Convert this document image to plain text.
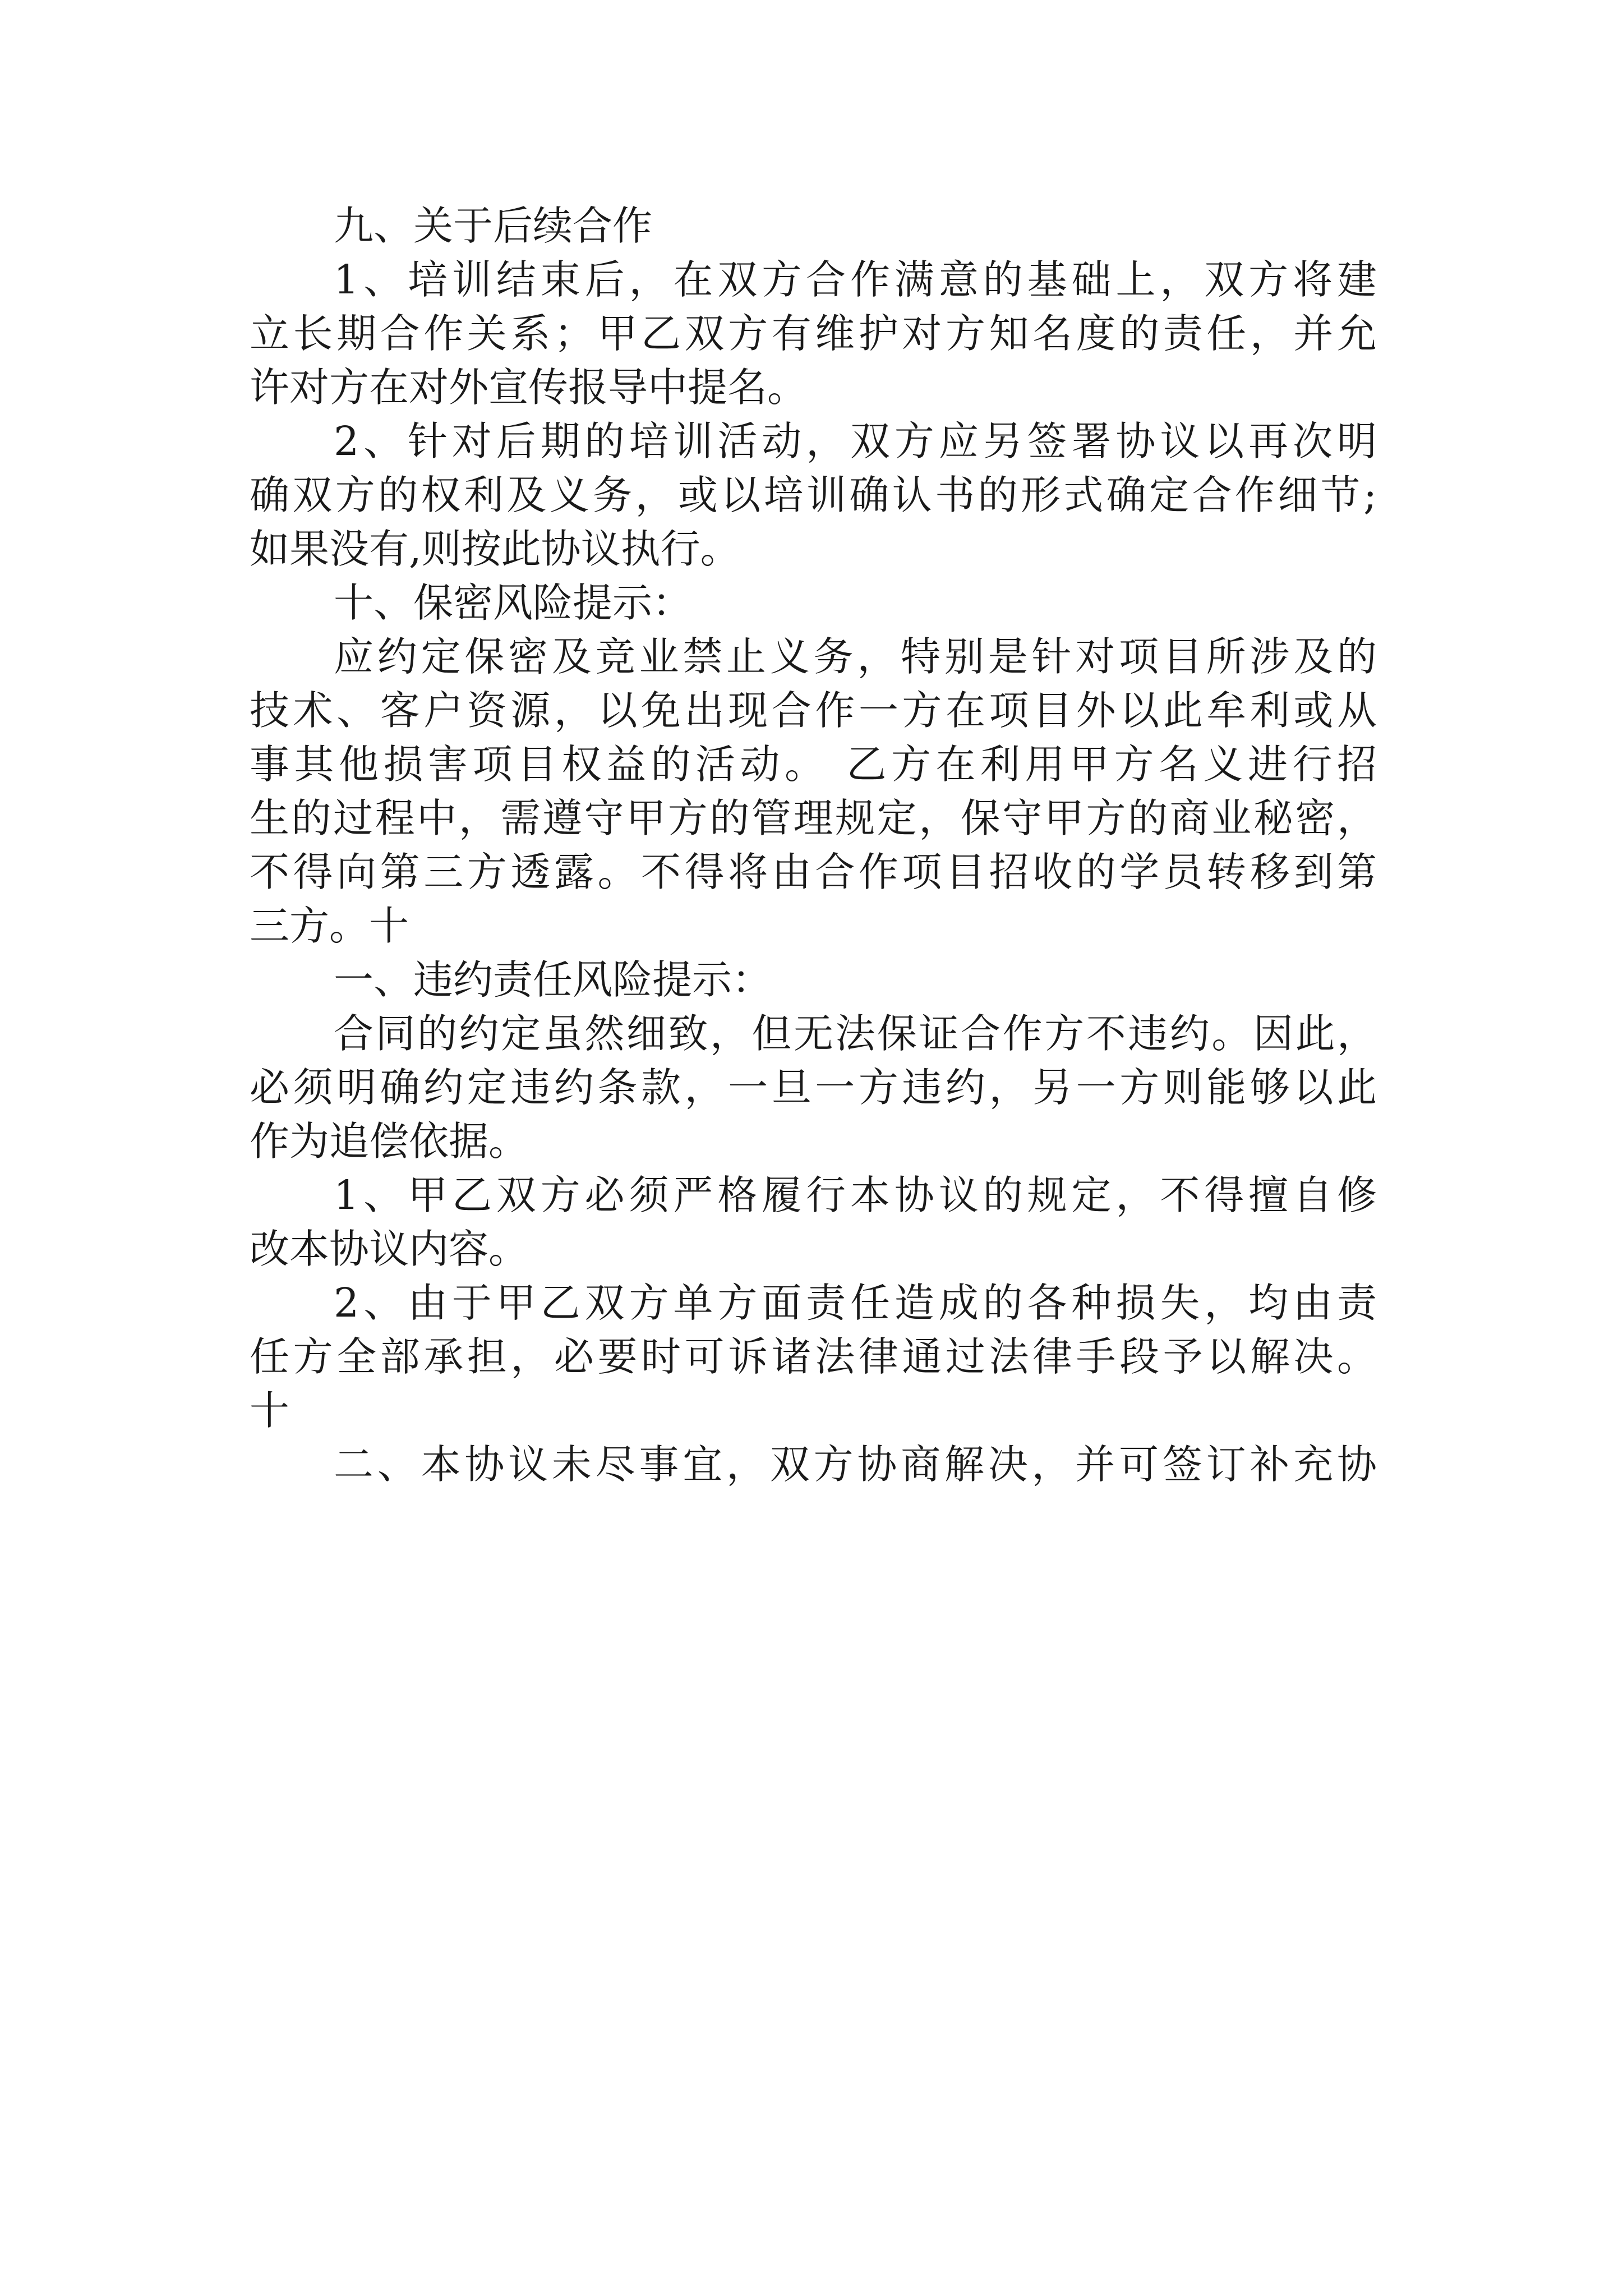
九、关于后续合作
1、培训结束后，在双方合作满意的基础上，双方将建
立长期合作关系；甲乙双方有维护对方知名度的责任，并允
许对方在对外宣传报导中提名。
2、针对后期的培训活动，双方应另签署协议以再次明
确双方的权利及义务，或以培训确认书的形式确定合作细节;
如果没有,则按此协议执行。
十、保密风险提示：
应约定保密及竞业禁止义务，特别是针对项目所涉及的
技术、客户资源，以免出现合作一方在项目外以此牟利或从
事其他损害项目权益的活动。 乙方在利用甲方名义进行招
生的过程中，需遵守甲方的管理规定，保守甲方的商业秘密，
不得向第三方透露。不得将由合作项目招收的学员转移到第
三方。十
一、违约责任风险提示：
合同的约定虽然细致，但无法保证合作方不违约。因此，
必须明确约定违约条款，一旦一方违约，另一方则能够以此
作为追偿依据。
1、甲乙双方必须严格履行本协议的规定，不得擅自修
改本协议内容。
2、由于甲乙双方单方面责任造成的各种损失，均由责
任方全部承担，必要时可诉诸法律通过法律手段予以解决。
十
二、本协议未尽事宜，双方协商解决，并可签订补充协
